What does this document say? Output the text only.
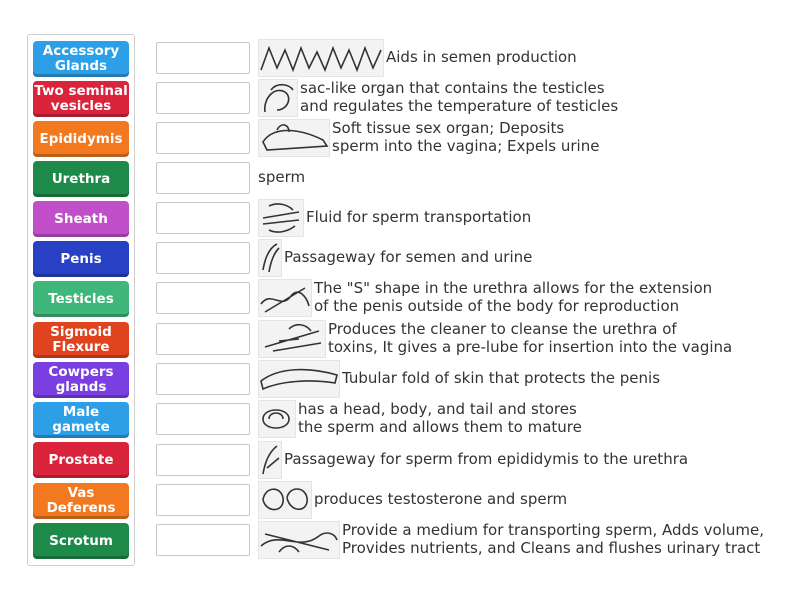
Accessory Glands
Two seminal vesicles
Epididymis
Urethra
Sheath
Penis
Testicles
Sigmoid Flexure
Cowpers glands
Male gamete
Prostate
Vas Deferens
Scrotum
Aids in semen production
sac-like organ that contains the testicles
and regulates the temperature of testicles
Soft tissue sex organ; Deposits
sperm into the vagina; Expels urine
sperm
Fluid for sperm transportation
Passageway for semen and urine
The "S" shape in the urethra allows for the extension
of the penis outside of the body for reproduction
Produces the cleaner to cleanse the urethra of
toxins, It gives a pre-lube for insertion into the vagina
Tubular fold of skin that protects the penis
has a head, body, and tail and stores
the sperm and allows them to mature
Passageway for sperm from epididymis to the urethra
produces testosterone and sperm
Provide a medium for transporting sperm, Adds volume,
Provides nutrients, and Cleans and flushes urinary tract
